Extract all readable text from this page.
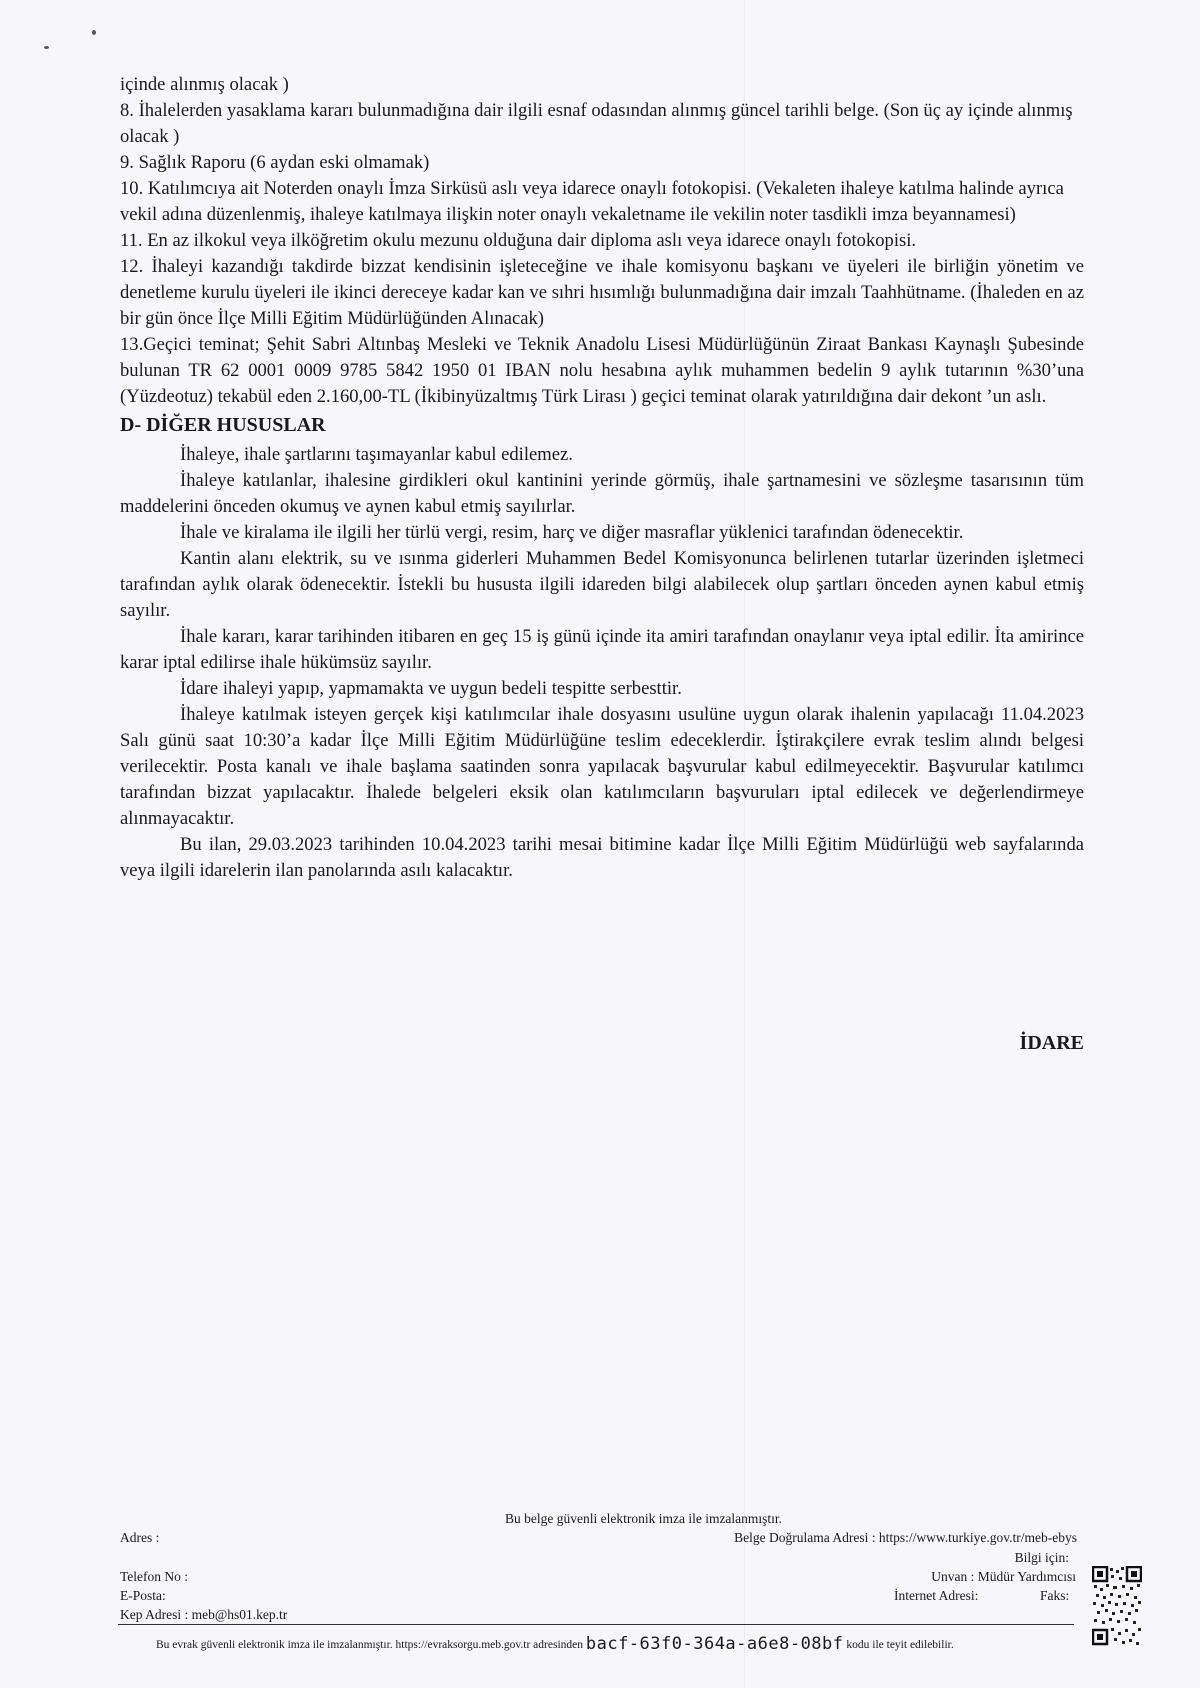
içinde alınmış olacak )

8. İhalelerden yasaklama kararı bulunmadığına dair ilgili esnaf odasından alınmış güncel tarihli belge. (Son üç ay içinde alınmış olacak )

9. Sağlık Raporu (6 aydan eski olmamak)

10. Katılımcıya ait Noterden onaylı İmza Sirküsü aslı veya idarece onaylı fotokopisi. (Vekaleten ihaleye katılma halinde ayrıca vekil adına düzenlenmiş, ihaleye katılmaya ilişkin noter onaylı vekaletname ile vekilin noter tasdikli imza beyannamesi)

11. En az ilkokul veya ilköğretim okulu mezunu olduğuna dair diploma aslı veya idarece onaylı fotokopisi.

12. İhaleyi kazandığı takdirde bizzat kendisinin işleteceğine ve ihale komisyonu başkanı ve üyeleri ile birliğin yönetim ve denetleme kurulu üyeleri ile ikinci dereceye kadar kan ve sıhri hısımlığı bulunmadığına dair imzalı Taahhütname. (İhaleden en az bir gün önce İlçe Milli Eğitim Müdürlüğünden Alınacak)

13.Geçici teminat; Şehit Sabri Altınbaş Mesleki ve Teknik Anadolu Lisesi Müdürlüğünün Ziraat Bankası Kaynaşlı Şubesinde bulunan TR 62 0001 0009 9785 5842 1950 01 IBAN nolu hesabına aylık muhammen bedelin 9 aylık tutarının %30’una (Yüzdeotuz) tekabül eden 2.160,00-TL (İkibinyüzaltmış Türk Lirası ) geçici teminat olarak yatırıldığına dair dekont ’un aslı.

D- DİĞER HUSUSLAR

İhaleye, ihale şartlarını taşımayanlar kabul edilemez.

İhaleye katılanlar, ihalesine girdikleri okul kantinini yerinde görmüş, ihale şartnamesini ve sözleşme tasarısının tüm maddelerini önceden okumuş ve aynen kabul etmiş sayılırlar.

İhale ve kiralama ile ilgili her türlü vergi, resim, harç ve diğer masraflar yüklenici tarafından ödenecektir.

Kantin alanı elektrik, su ve ısınma giderleri Muhammen Bedel Komisyonunca belirlenen tutarlar üzerinden işletmeci tarafından aylık olarak ödenecektir. İstekli bu hususta ilgili idareden bilgi alabilecek olup şartları önceden aynen kabul etmiş sayılır.

İhale kararı, karar tarihinden itibaren en geç 15 iş günü içinde ita amiri tarafından onaylanır veya iptal edilir. İta amirince karar iptal edilirse ihale hükümsüz sayılır.

İdare ihaleyi yapıp, yapmamakta ve uygun bedeli tespitte serbesttir.

İhaleye katılmak isteyen gerçek kişi katılımcılar ihale dosyasını usulüne uygun olarak ihalenin yapılacağı 11.04.2023 Salı günü saat 10:30’a kadar İlçe Milli Eğitim Müdürlüğüne teslim edeceklerdir. İştirakçilere evrak teslim alındı belgesi verilecektir. Posta kanalı ve ihale başlama saatinden sonra yapılacak başvurular kabul edilmeyecektir. Başvurular katılımcı tarafından bizzat yapılacaktır. İhalede belgeleri eksik olan katılımcıların başvuruları iptal edilecek ve değerlendirmeye alınmayacaktır.

Bu ilan, 29.03.2023 tarihinden 10.04.2023 tarihi mesai bitimine kadar İlçe Milli Eğitim Müdürlüğü web sayfalarında veya ilgili idarelerin ilan panolarında asılı kalacaktır.

İDARE
Bu belge güvenli elektronik imza ile imzalanmıştır.
Adres :	Belge Doğrulama Adresi : https://www.turkiye.gov.tr/meb-ebys
Bilgi için:
Telefon No :	Unvan : Müdür Yardımcısı
E-Posta:	İnternet Adresi:	Faks:
Kep Adresi : meb@hs01.kep.tr
Bu evrak güvenli elektronik imza ile imzalanmıştır. https://evraksorgu.meb.gov.tr adresinden bacf-63f0-364a-a6e8-08bf kodu ile teyit edilebilir.
